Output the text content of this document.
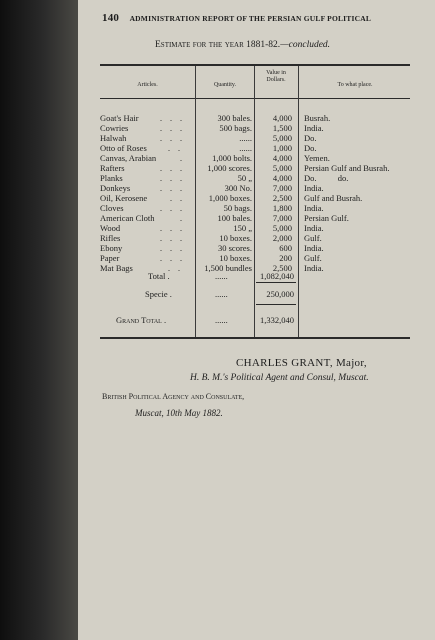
140 ADMINISTRATION REPORT OF THE PERSIAN GULF POLITICAL
Estimate for the year 1881-82.—concluded.
Articles.	Quantity.
Value in Dollars.
To what place.
Goat's Hair	. . .	300 bales.	4,000 Busrah.
Cowries	. . .	500 bags.	1,500 India.
Halwah	. . .	......	5,000 Do.
Otto of Roses	. .	......	1,000 Do.
Canvas, Arabian	.	1,000 bolts.	4,000 Yemen.
Rafters	. . .	1,000 scores.	5,000 Persian Gulf and Busrah.
Planks	. . .	50 „	4,000 Do.          do.
Donkeys	. . .	300 No.	7,000 India.
Oil, Kerosene	. .	1,000 boxes.	2,500 Gulf and Busrah.
Cloves	. . .	50 bags.	1,800 India.
American Cloth	.	100 bales.	7,000 Persian Gulf.
Wood	. . .	150 „	5,000 India.
Rifles	. . .	10 boxes.	2,000 Gulf.
Ebony	. . .	30 scores.	600 India.
Paper	. . .	10 boxes.	200 Gulf.
Mat Bags	. .	1,500 bundles	2,500 India.
Total .	......	1,082,040
Specie .	......	250,000
Grand Total .	......	1,332,040
CHARLES GRANT, Major,
H. B. M.'s Political Agent and Consul, Muscat.
British Political Agency and Consulate,
Muscat, 10th May 1882.
